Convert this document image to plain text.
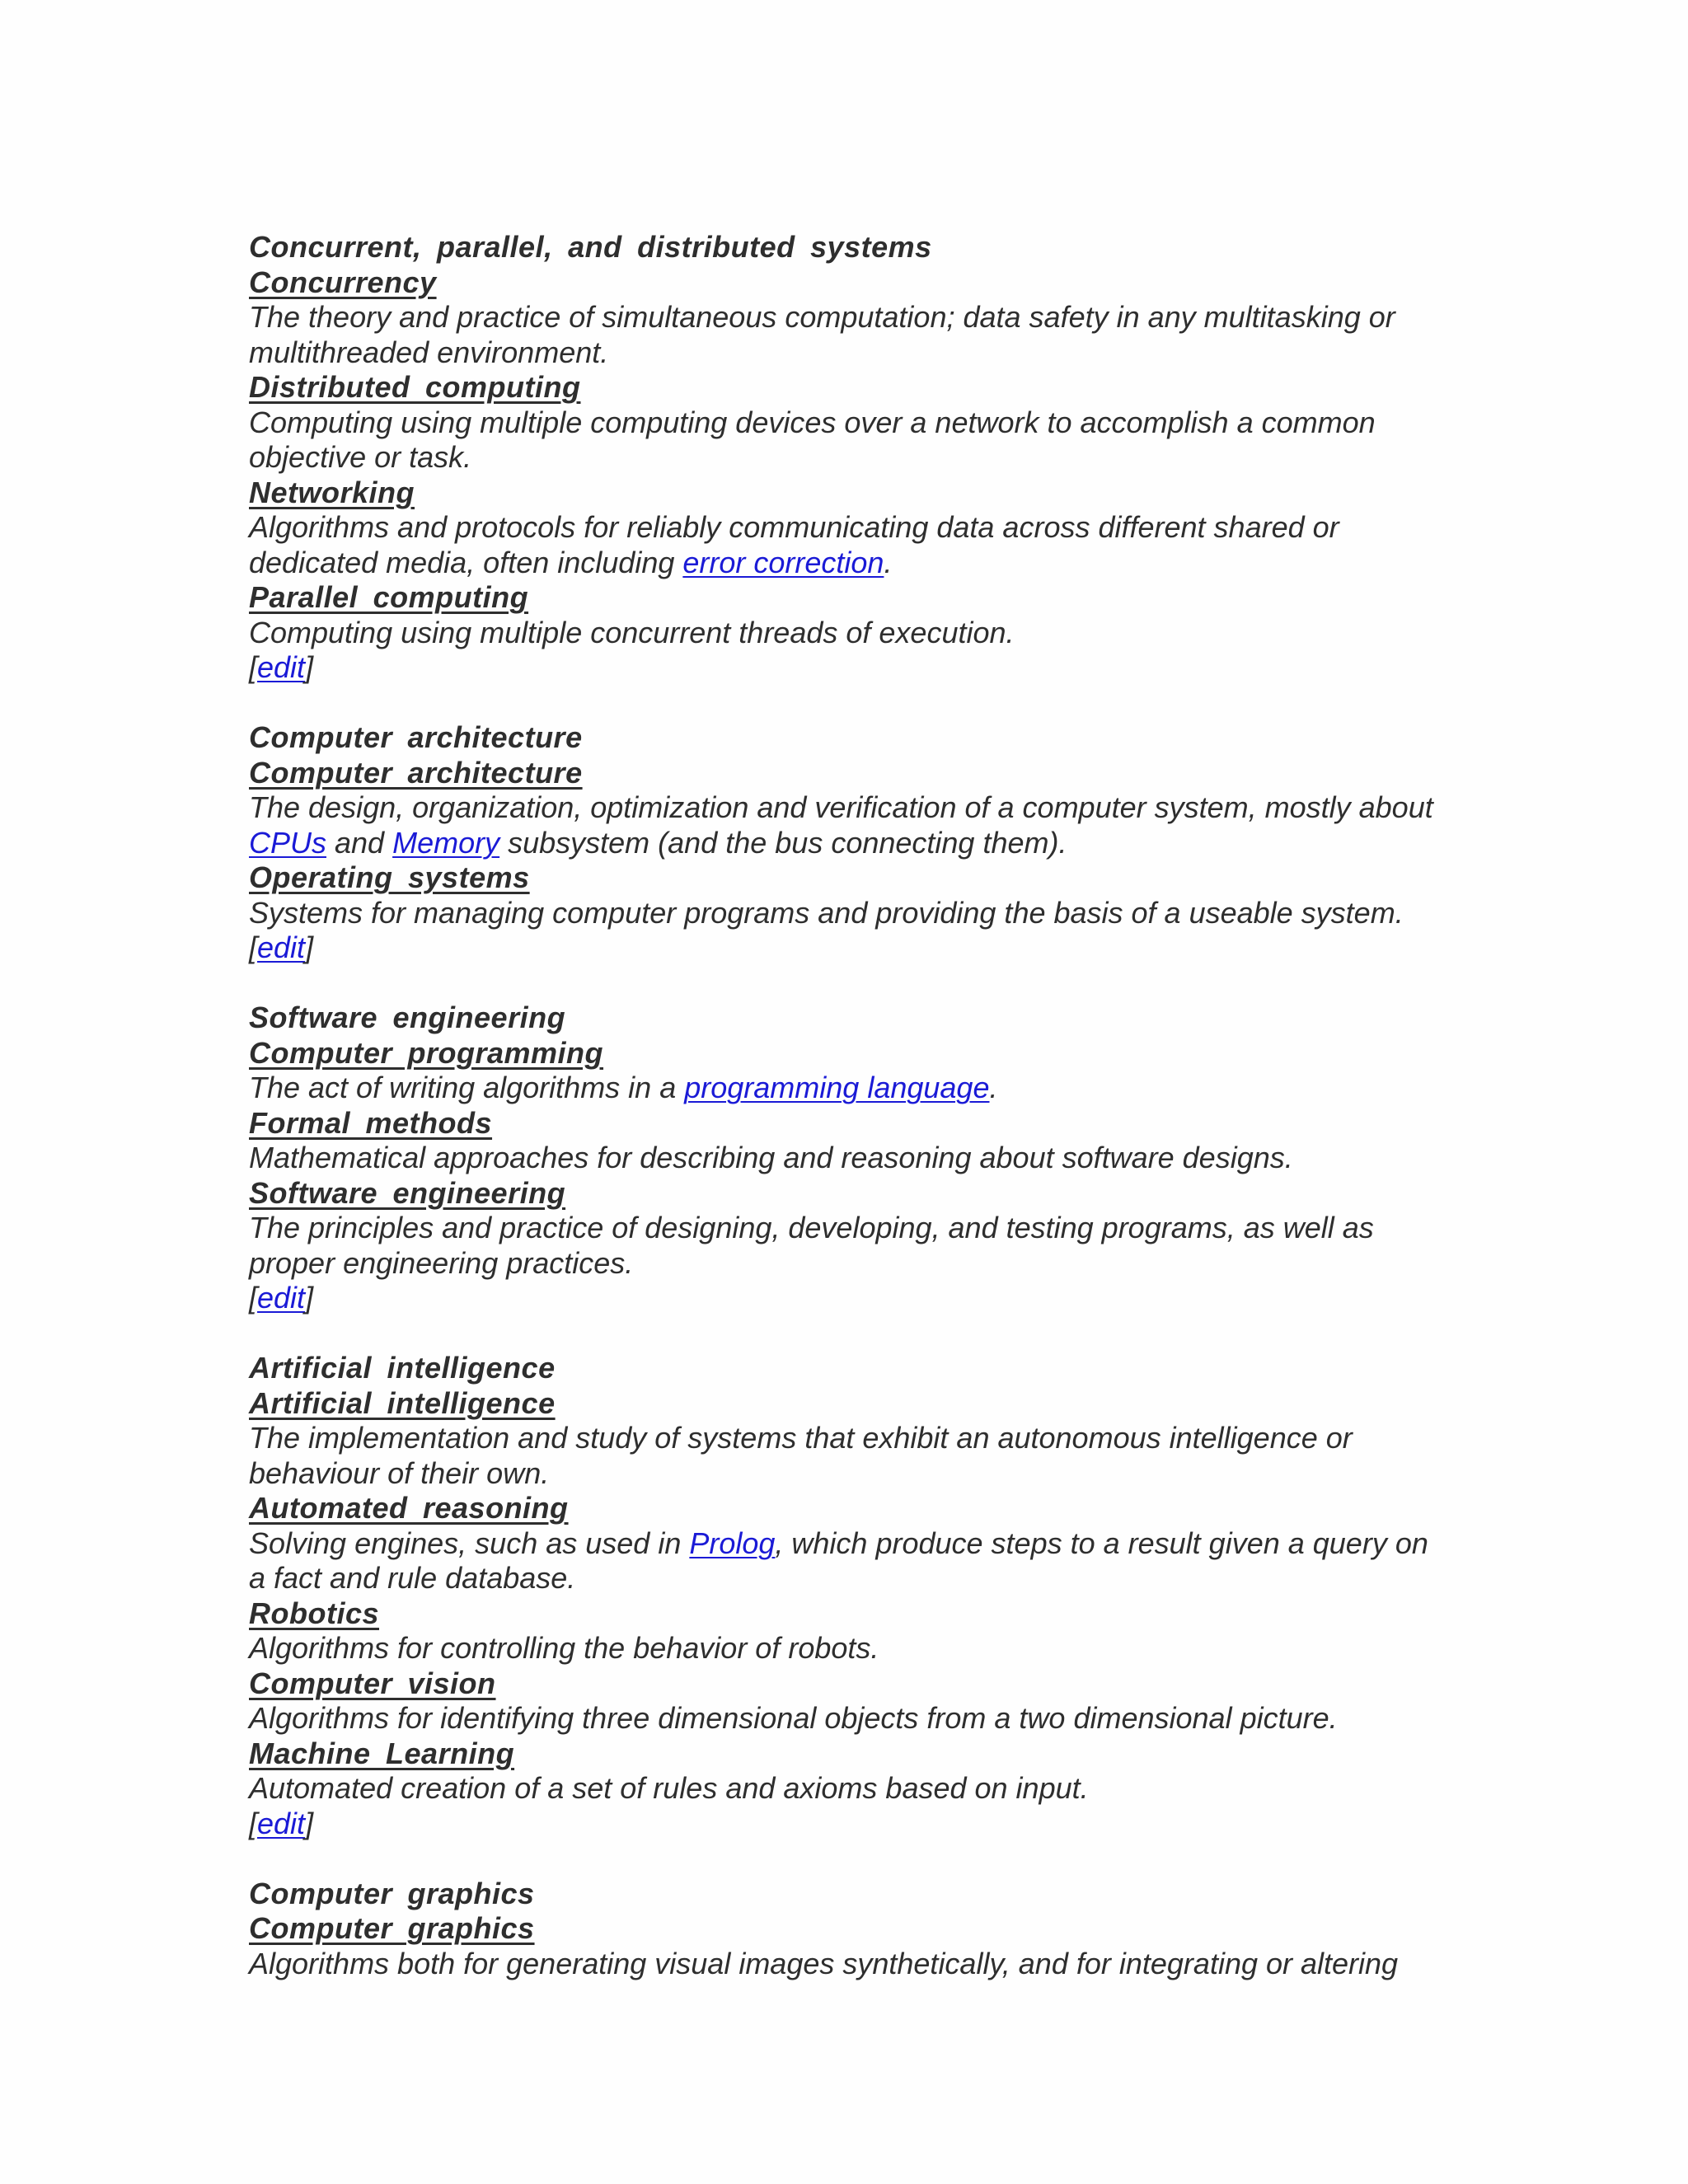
Concurrent, parallel, and distributed systems
Concurrency
The theory and practice of simultaneous computation; data safety in any multitasking or multithreaded environment.
Distributed computing
Computing using multiple computing devices over a network to accomplish a common objective or task.
Networking
Algorithms and protocols for reliably communicating data across different shared or dedicated media, often including error correction.
Parallel computing
Computing using multiple concurrent threads of execution.
[edit]
Computer architecture
Computer architecture
The design, organization, optimization and verification of a computer system, mostly about CPUs and Memory subsystem (and the bus connecting them).
Operating systems
Systems for managing computer programs and providing the basis of a useable system.
[edit]
Software engineering
Computer programming
The act of writing algorithms in a programming language.
Formal methods
Mathematical approaches for describing and reasoning about software designs.
Software engineering
The principles and practice of designing, developing, and testing programs, as well as proper engineering practices.
[edit]
Artificial intelligence
Artificial intelligence
The implementation and study of systems that exhibit an autonomous intelligence or behaviour of their own.
Automated reasoning
Solving engines, such as used in Prolog, which produce steps to a result given a query on a fact and rule database.
Robotics
Algorithms for controlling the behavior of robots.
Computer vision
Algorithms for identifying three dimensional objects from a two dimensional picture.
Machine Learning
Automated creation of a set of rules and axioms based on input.
[edit]
Computer graphics
Computer graphics
Algorithms both for generating visual images synthetically, and for integrating or altering
